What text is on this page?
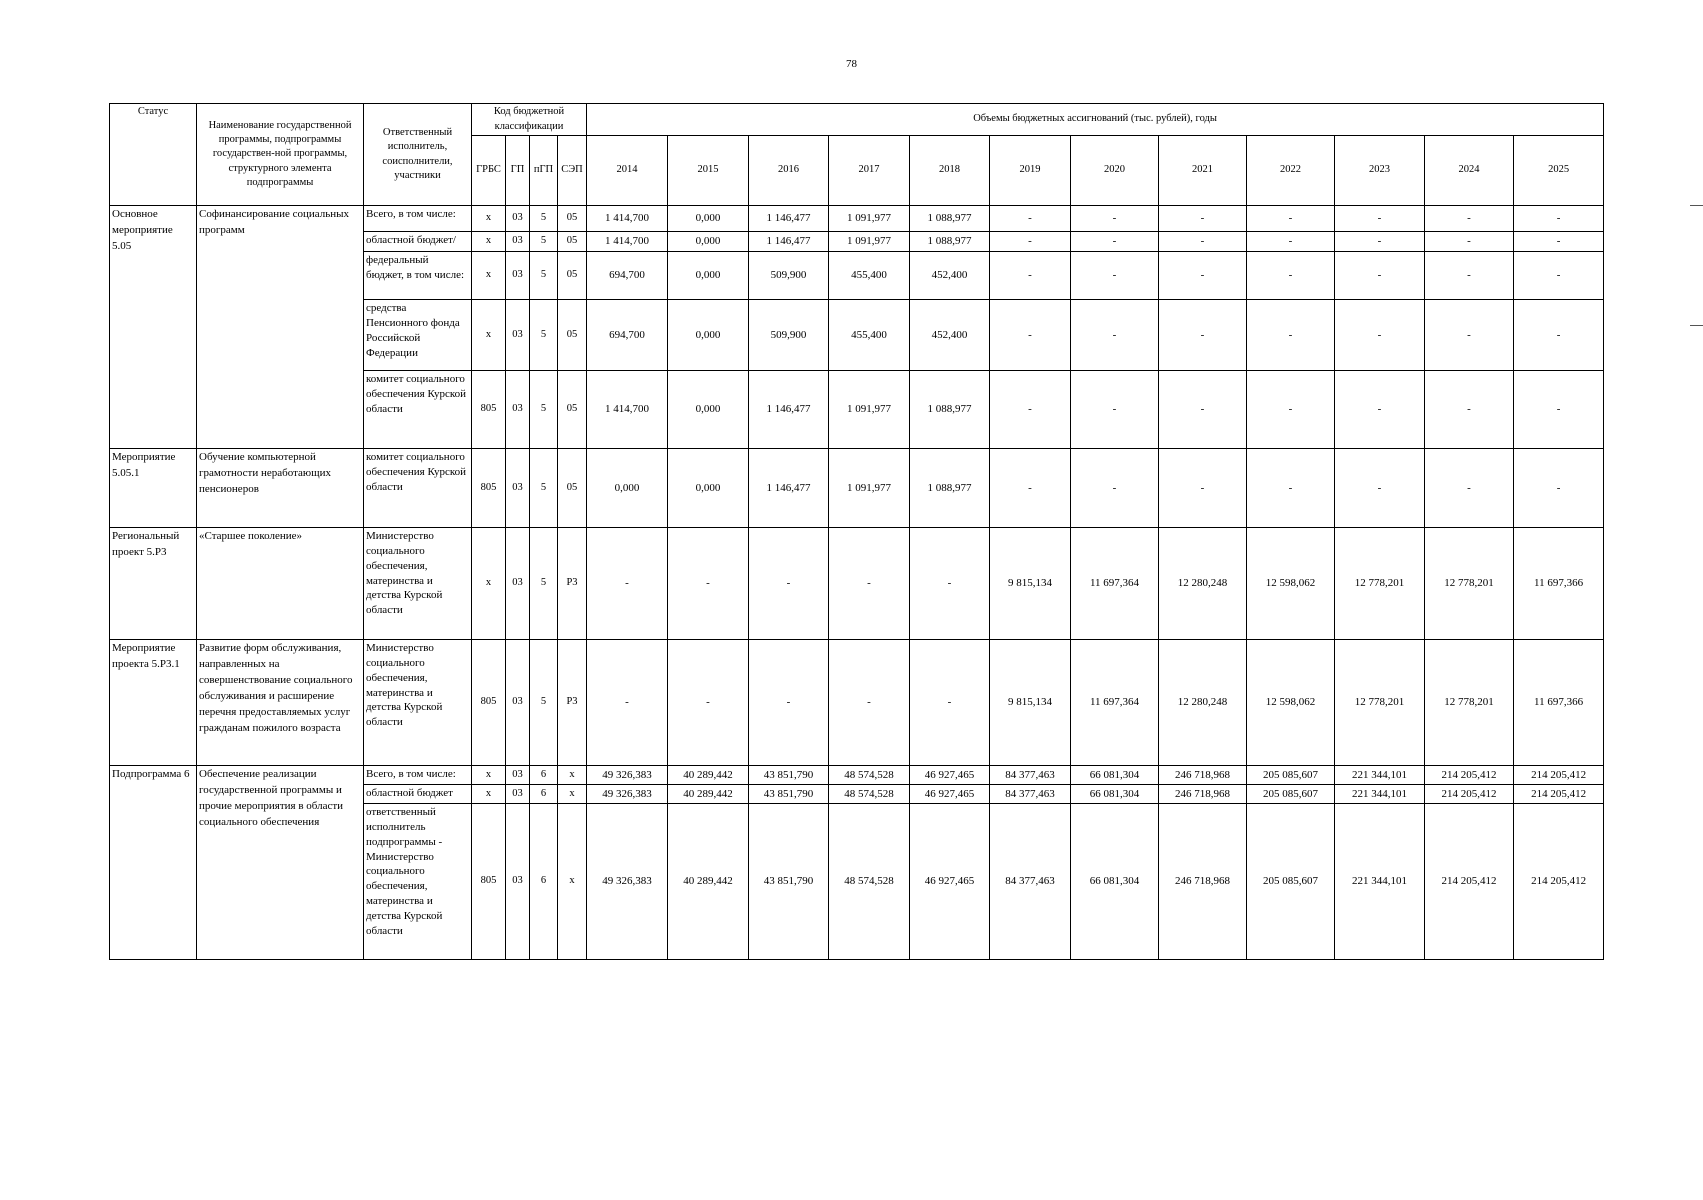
78
Статус	Наименование государственной программы, подпрограммы государствен-ной программы, структурного элемента подпрограммы	Ответственный исполнитель, соисполнители, участники	Код бюджетной классификации				Объемы бюджетных ассигнований (тыс. рублей), годы											
			ГРБС	ГП	пГП	СЭП	2014	2015	2016	2017	2018	2019	2020	2021	2022	2023	2024	2025
Основное мероприятие 5.05	Софинансирование социальных программ	Всего, в том числе:	х	03	5	05	1 414,700	0,000	1 146,477	1 091,977	1 088,977	-	-	-	-	-	-	-
		областной бюджет/	х	03	5	05	1 414,700	0,000	1 146,477	1 091,977	1 088,977	-	-	-	-	-	-	-
		федеральный бюджет, в том числе:	х	03	5	05	694,700	0,000	509,900	455,400	452,400	-	-	-	-	-	-	-
		средства Пенсионного фонда Российской Федерации	х	03	5	05	694,700	0,000	509,900	455,400	452,400	-	-	-	-	-	-	-
		комитет социального обеспечения Курской области	805	03	5	05	1 414,700	0,000	1 146,477	1 091,977	1 088,977	-	-	-	-	-	-	-
Мероприятие 5.05.1	Обучение компьютерной грамотности неработающих пенсионеров	комитет социального обеспечения Курской области	805	03	5	05	0,000	0,000	1 146,477	1 091,977	1 088,977	-	-	-	-	-	-	-
Региональный проект 5.Р3	«Старшее поколение»	Министерство социального обеспечения, материнства и детства Курской области	х	03	5	Р3	-	-	-	-	-	9 815,134	11 697,364	12 280,248	12 598,062	12 778,201	12 778,201	11 697,366
Мероприятие проекта 5.Р3.1	Развитие форм обслуживания, направленных на совершенствование социального обслуживания и расширение перечня предоставляемых услуг гражданам пожилого возраста	Министерство социального обеспечения, материнства и детства Курской области	805	03	5	Р3	-	-	-	-	-	9 815,134	11 697,364	12 280,248	12 598,062	12 778,201	12 778,201	11 697,366
Подпрограмма 6	Обеспечение реализации государственной программы и прочие мероприятия в области социального обеспечения	Всего, в том числе:	х	03	6	х	49 326,383	40 289,442	43 851,790	48 574,528	46 927,465	84 377,463	66 081,304	246 718,968	205 085,607	221 344,101	214 205,412	214 205,412
		областной бюджет	х	03	6	х	49 326,383	40 289,442	43 851,790	48 574,528	46 927,465	84 377,463	66 081,304	246 718,968	205 085,607	221 344,101	214 205,412	214 205,412
		ответственный исполнитель подпрограммы - Министерство социального обеспечения, материнства и детства Курской области	805	03	6	х	49 326,383	40 289,442	43 851,790	48 574,528	46 927,465	84 377,463	66 081,304	246 718,968	205 085,607	221 344,101	214 205,412	214 205,412
